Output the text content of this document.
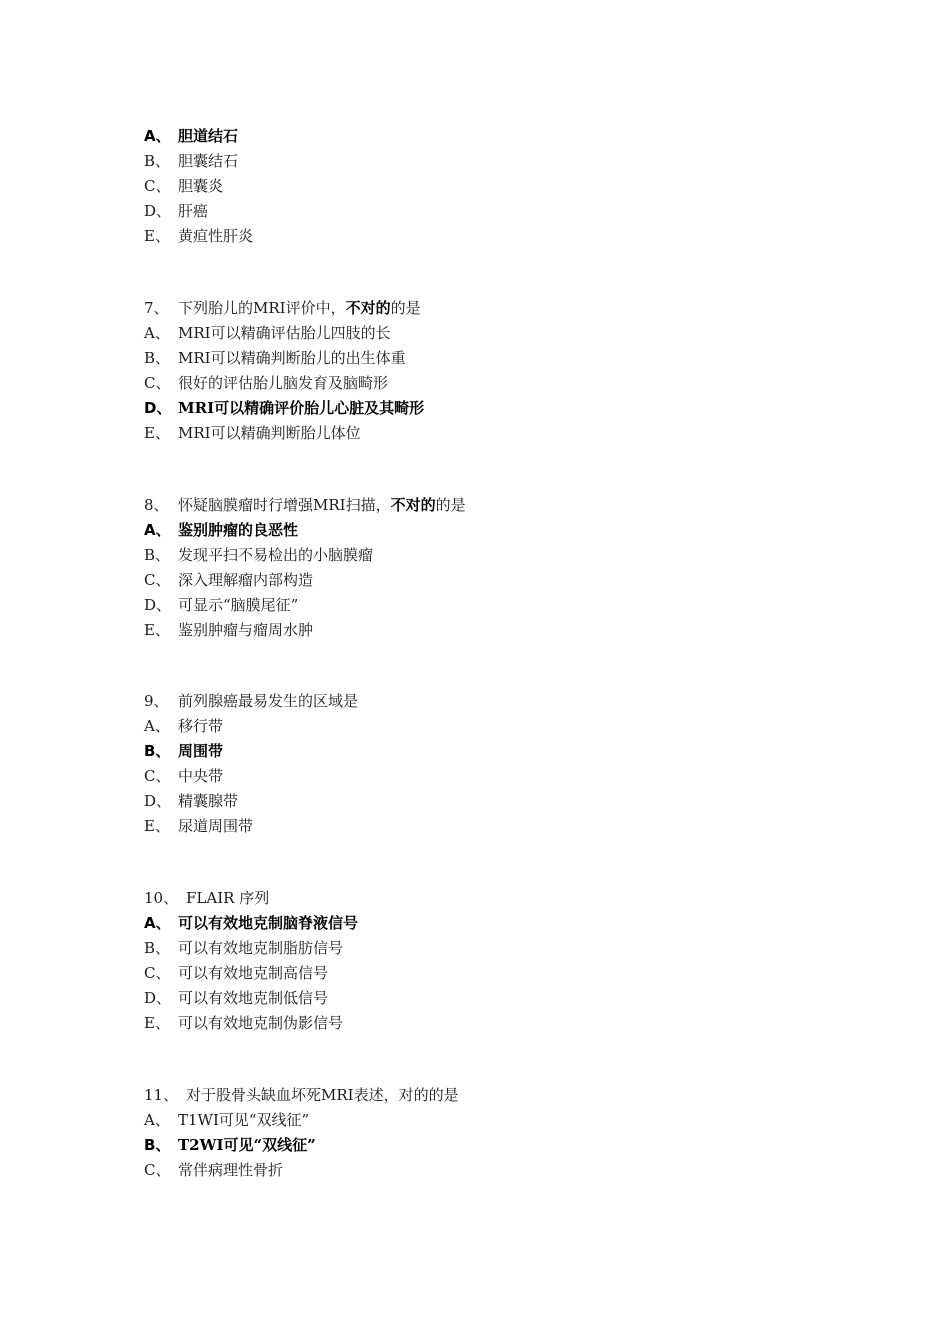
A、 胆道结石
B、 胆囊结石
C、 胆囊炎
D、 肝癌
E、 黄疸性肝炎
7、 下列胎儿的MRI评价中，不对的的是
A、 MRI可以精确评估胎儿四肢的长
B、 MRI可以精确判断胎儿的出生体重
C、 很好的评估胎儿脑发育及脑畸形
D、 MRI可以精确评价胎儿心脏及其畸形
E、 MRI可以精确判断胎儿体位
8、 怀疑脑膜瘤时行增强MRI扫描，不对的的是
A、 鉴别肿瘤的良恶性
B、 发现平扫不易检出的小脑膜瘤
C、 深入理解瘤内部构造
D、 可显示“脑膜尾征”
E、 鉴别肿瘤与瘤周水肿
9、 前列腺癌最易发生的区域是
A、 移行带
B、 周围带
C、 中央带
D、 精囊腺带
E、 尿道周围带
10、 FLAIR 序列
A、 可以有效地克制脑脊液信号
B、 可以有效地克制脂肪信号
C、 可以有效地克制高信号
D、 可以有效地克制低信号
E、 可以有效地克制伪影信号
11、 对于股骨头缺血坏死MRI表述，对的的是
A、 T1WI可见“双线征”
B、 T2WI可见“双线征”
C、 常伴病理性骨折
